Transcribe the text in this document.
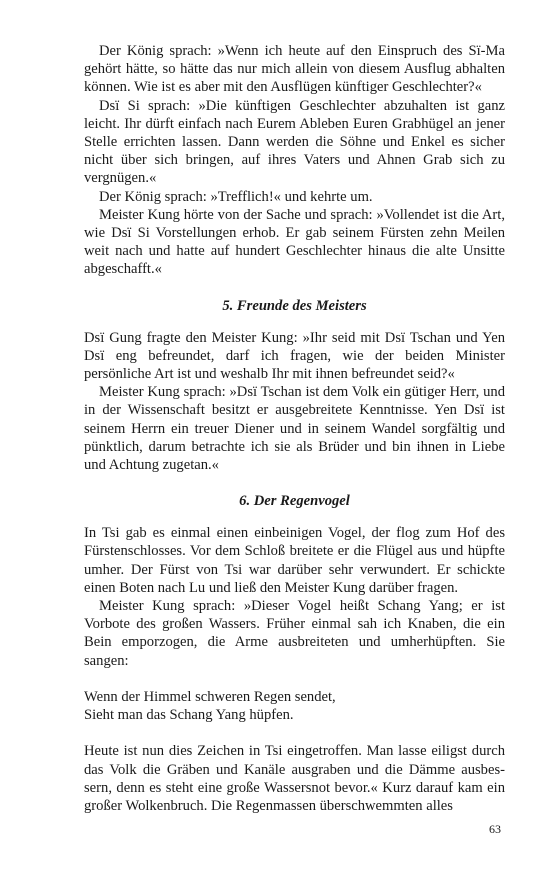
Der König sprach: »Wenn ich heute auf den Einspruch des Sï-Ma gehört hätte, so hätte das nur mich allein von diesem Ausflug abhalten können. Wie ist es aber mit den Ausflügen künftiger Geschlechter?«

Dsï Si sprach: »Die künftigen Geschlechter abzuhalten ist ganz leicht. Ihr dürft einfach nach Eurem Ableben Euren Grabhügel an jener Stelle errichten lassen. Dann werden die Söhne und Enkel es sicher nicht über sich bringen, auf ihres Vaters und Ahnen Grab sich zu vergnügen.«

Der König sprach: »Trefflich!« und kehrte um.

Meister Kung hörte von der Sache und sprach: »Vollendet ist die Art, wie Dsï Si Vorstellungen erhob. Er gab seinem Fürsten zehn Meilen weit nach und hatte auf hundert Geschlechter hinaus die alte Unsitte abgeschafft.«

5. Freunde des Meisters

Dsï Gung fragte den Meister Kung: »Ihr seid mit Dsï Tschan und Yen Dsï eng befreundet, darf ich fragen, wie der beiden Minister persönliche Art ist und weshalb Ihr mit ihnen befreundet seid?«

Meister Kung sprach: »Dsï Tschan ist dem Volk ein gütiger Herr, und in der Wissenschaft besitzt er ausgebreitete Kenntnisse. Yen Dsï ist seinem Herrn ein treuer Diener und in seinem Wandel sorgfältig und pünktlich, darum betrachte ich sie als Brüder und bin ihnen in Liebe und Achtung zugetan.«

6. Der Regenvogel

In Tsi gab es einmal einen einbeinigen Vogel, der flog zum Hof des Fürstenschlosses. Vor dem Schloß breitete er die Flügel aus und hüpfte umher. Der Fürst von Tsi war darüber sehr verwundert. Er schickte einen Boten nach Lu und ließ den Meister Kung darüber fragen.

Meister Kung sprach: »Dieser Vogel heißt Schang Yang; er ist Vorbote des großen Wassers. Früher einmal sah ich Knaben, die ein Bein emporzogen, die Arme ausbreiteten und umherhüpften. Sie sangen:

Wenn der Himmel schweren Regen sendet,
Sieht man das Schang Yang hüpfen.

Heute ist nun dies Zeichen in Tsi eingetroffen. Man lasse eiligst durch das Volk die Gräben und Kanäle ausgraben und die Dämme ausbes-sern, denn es steht eine große Wassersnot bevor.« Kurz darauf kam ein großer Wolkenbruch. Die Regenmassen überschwemmten alles

63
